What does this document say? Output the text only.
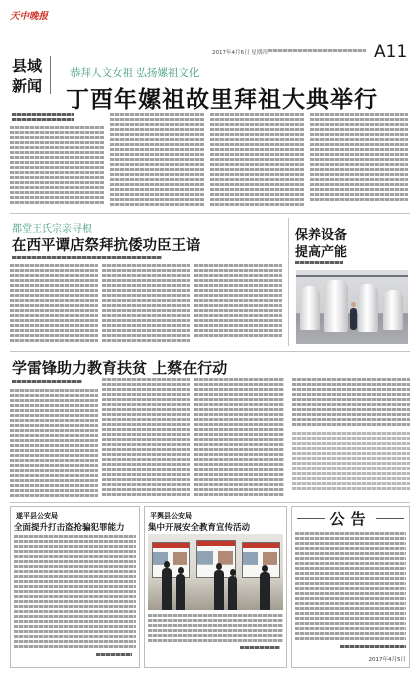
天中晚报
2017年4月6日 星期四	A11
县域
新闻
恭拜人文女祖 弘扬嫘祖文化
丁酉年嫘祖故里拜祖大典举行
都堂王氏宗亲寻根
在西平谭店祭拜抗倭功臣王谙
保养设备
提高产能
学雷锋助力教育扶贫 上蔡在行动
遂平县公安局
全面提升打击盗抢骗犯罪能力
平舆县公安局
集中开展安全教育宣传活动	公告
2017年4月5日
